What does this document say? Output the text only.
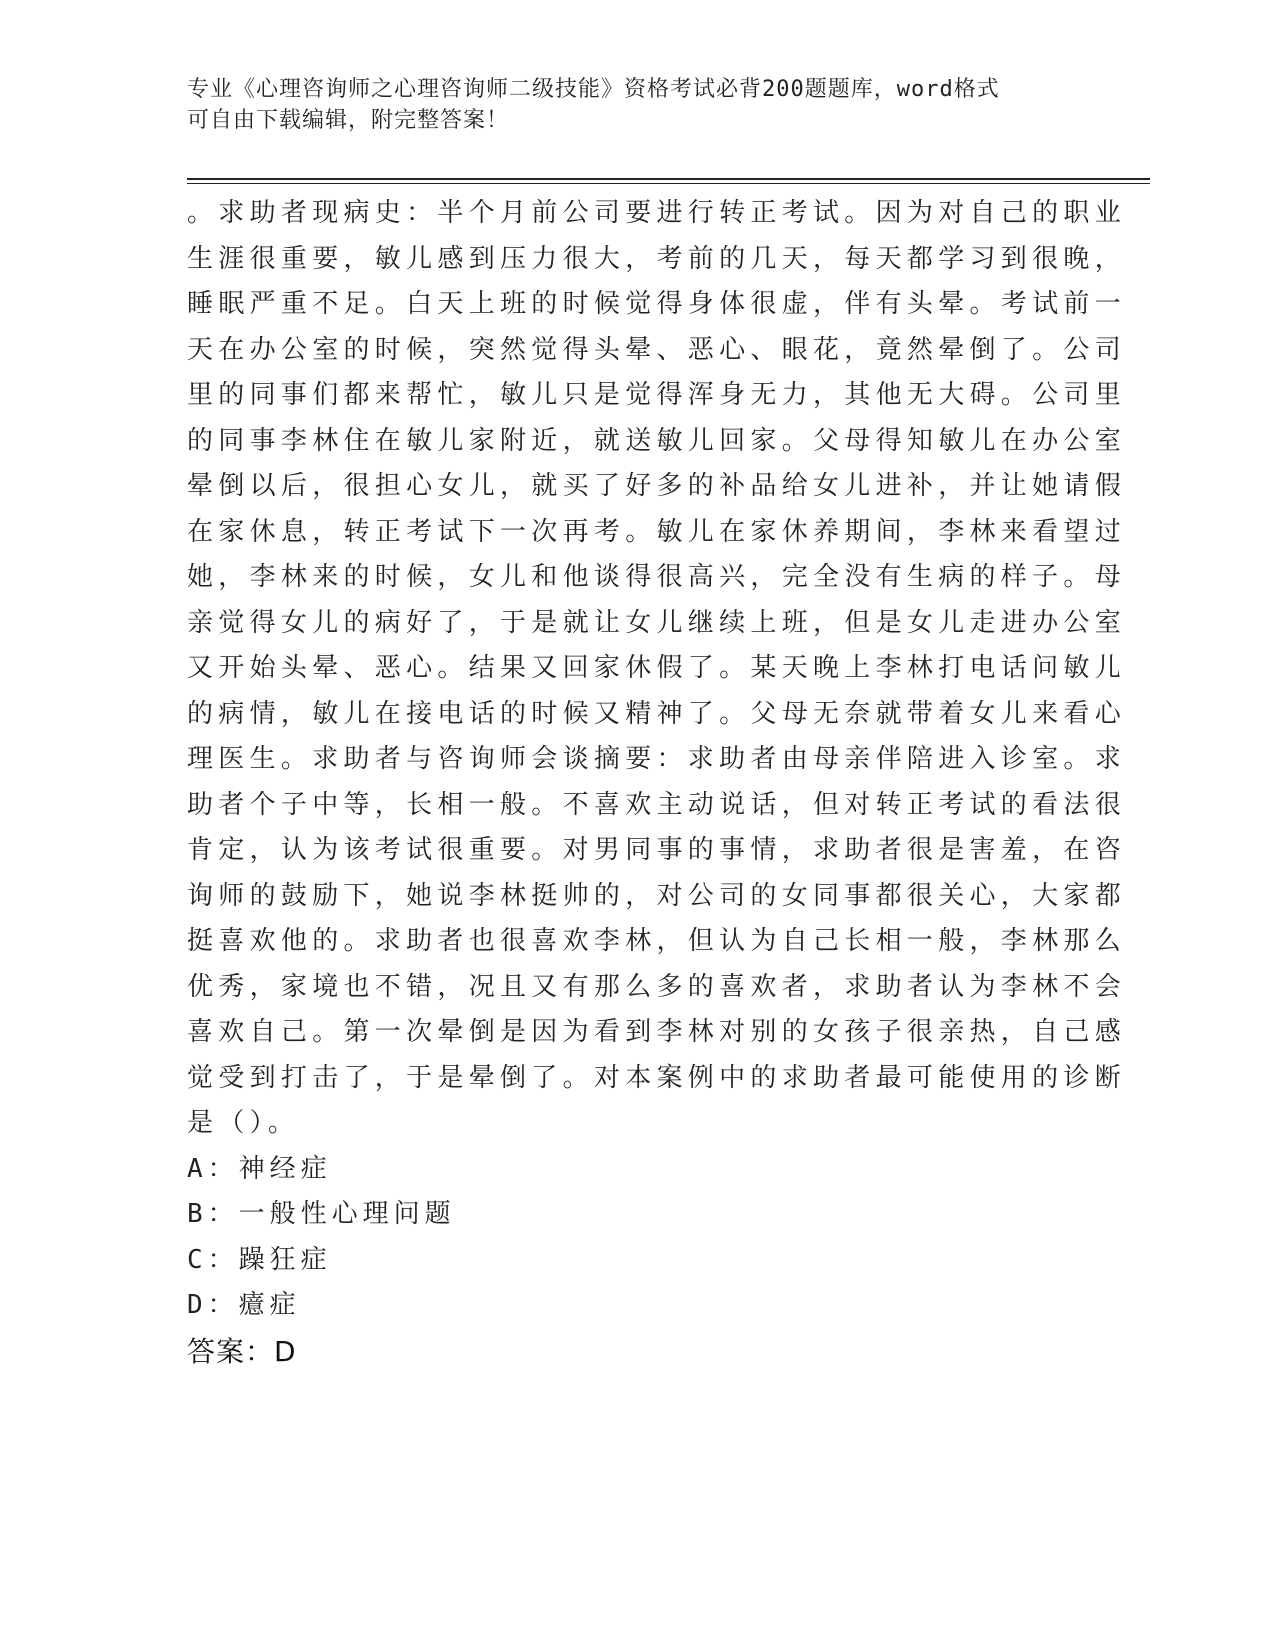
专业《心理咨询师之心理咨询师二级技能》资格考试必背200题题库，word格式

可自由下载编辑，附完整答案！

。求助者现病史：半个月前公司要进行转正考试。因为对自己的职业

生涯很重要，敏儿感到压力很大，考前的几天，每天都学习到很晚，

睡眠严重不足。白天上班的时候觉得身体很虚，伴有头晕。考试前一

天在办公室的时候，突然觉得头晕、恶心、眼花，竟然晕倒了。公司

里的同事们都来帮忙，敏儿只是觉得浑身无力，其他无大碍。公司里

的同事李林住在敏儿家附近，就送敏儿回家。父母得知敏儿在办公室

晕倒以后，很担心女儿，就买了好多的补品给女儿进补，并让她请假

在家休息，转正考试下一次再考。敏儿在家休养期间，李林来看望过

她，李林来的时候，女儿和他谈得很高兴，完全没有生病的样子。母

亲觉得女儿的病好了，于是就让女儿继续上班，但是女儿走进办公室

又开始头晕、恶心。结果又回家休假了。某天晚上李林打电话问敏儿

的病情，敏儿在接电话的时候又精神了。父母无奈就带着女儿来看心

理医生。求助者与咨询师会谈摘要：求助者由母亲伴陪进入诊室。求

助者个子中等，长相一般。不喜欢主动说话，但对转正考试的看法很

肯定，认为该考试很重要。对男同事的事情，求助者很是害羞，在咨

询师的鼓励下，她说李林挺帅的，对公司的女同事都很关心，大家都

挺喜欢他的。求助者也很喜欢李林，但认为自己长相一般，李林那么

优秀，家境也不错，况且又有那么多的喜欢者，求助者认为李林不会

喜欢自己。第一次晕倒是因为看到李林对别的女孩子很亲热，自己感

觉受到打击了，于是晕倒了。对本案例中的求助者最可能使用的诊断

是（）。

A：神经症

B：一般性心理问题

C：躁狂症

D：癔症

答案：D
